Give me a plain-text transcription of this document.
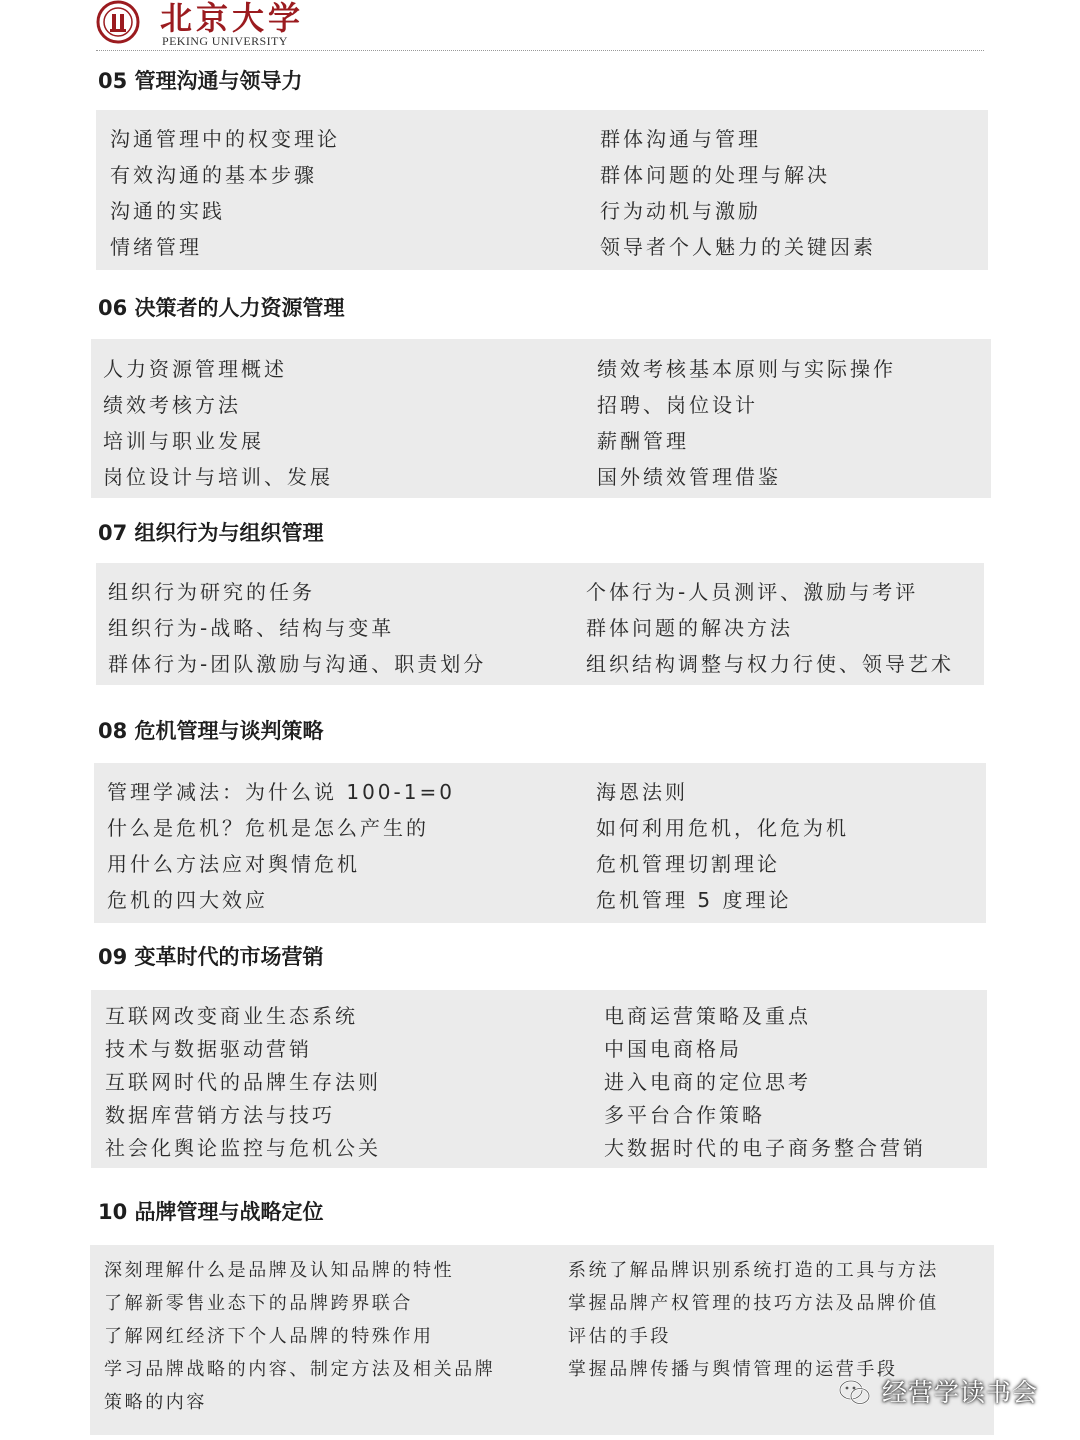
北京大学
PEKING UNIVERSITY
05 管理沟通与领导力
沟通管理中的权变理论
有效沟通的基本步骤
沟通的实践
情绪管理
群体沟通与管理
群体问题的处理与解决
行为动机与激励
领导者个人魅力的关键因素
06 决策者的人力资源管理
人力资源管理概述
绩效考核方法
培训与职业发展
岗位设计与培训、发展
绩效考核基本原则与实际操作
招聘、岗位设计
薪酬管理
国外绩效管理借鉴
07 组织行为与组织管理
组织行为研究的任务
组织行为-战略、结构与变革
群体行为-团队激励与沟通、职责划分
个体行为-人员测评、激励与考评
群体问题的解决方法
组织结构调整与权力行使、领导艺术
08 危机管理与谈判策略
管理学减法：为什么说 100-1=0
什么是危机？危机是怎么产生的
用什么方法应对舆情危机
危机的四大效应
海恩法则
如何利用危机，化危为机
危机管理切割理论
危机管理 5 度理论
09 变革时代的市场营销
互联网改变商业生态系统
技术与数据驱动营销
互联网时代的品牌生存法则
数据库营销方法与技巧
社会化舆论监控与危机公关
电商运营策略及重点
中国电商格局
进入电商的定位思考
多平台合作策略
大数据时代的电子商务整合营销
10 品牌管理与战略定位
深刻理解什么是品牌及认知品牌的特性
了解新零售业态下的品牌跨界联合
了解网红经济下个人品牌的特殊作用
学习品牌战略的内容、制定方法及相关品牌
策略的内容
系统了解品牌识别系统打造的工具与方法
掌握品牌产权管理的技巧方法及品牌价值
评估的手段
掌握品牌传播与舆情管理的运营手段
经营学读书会
